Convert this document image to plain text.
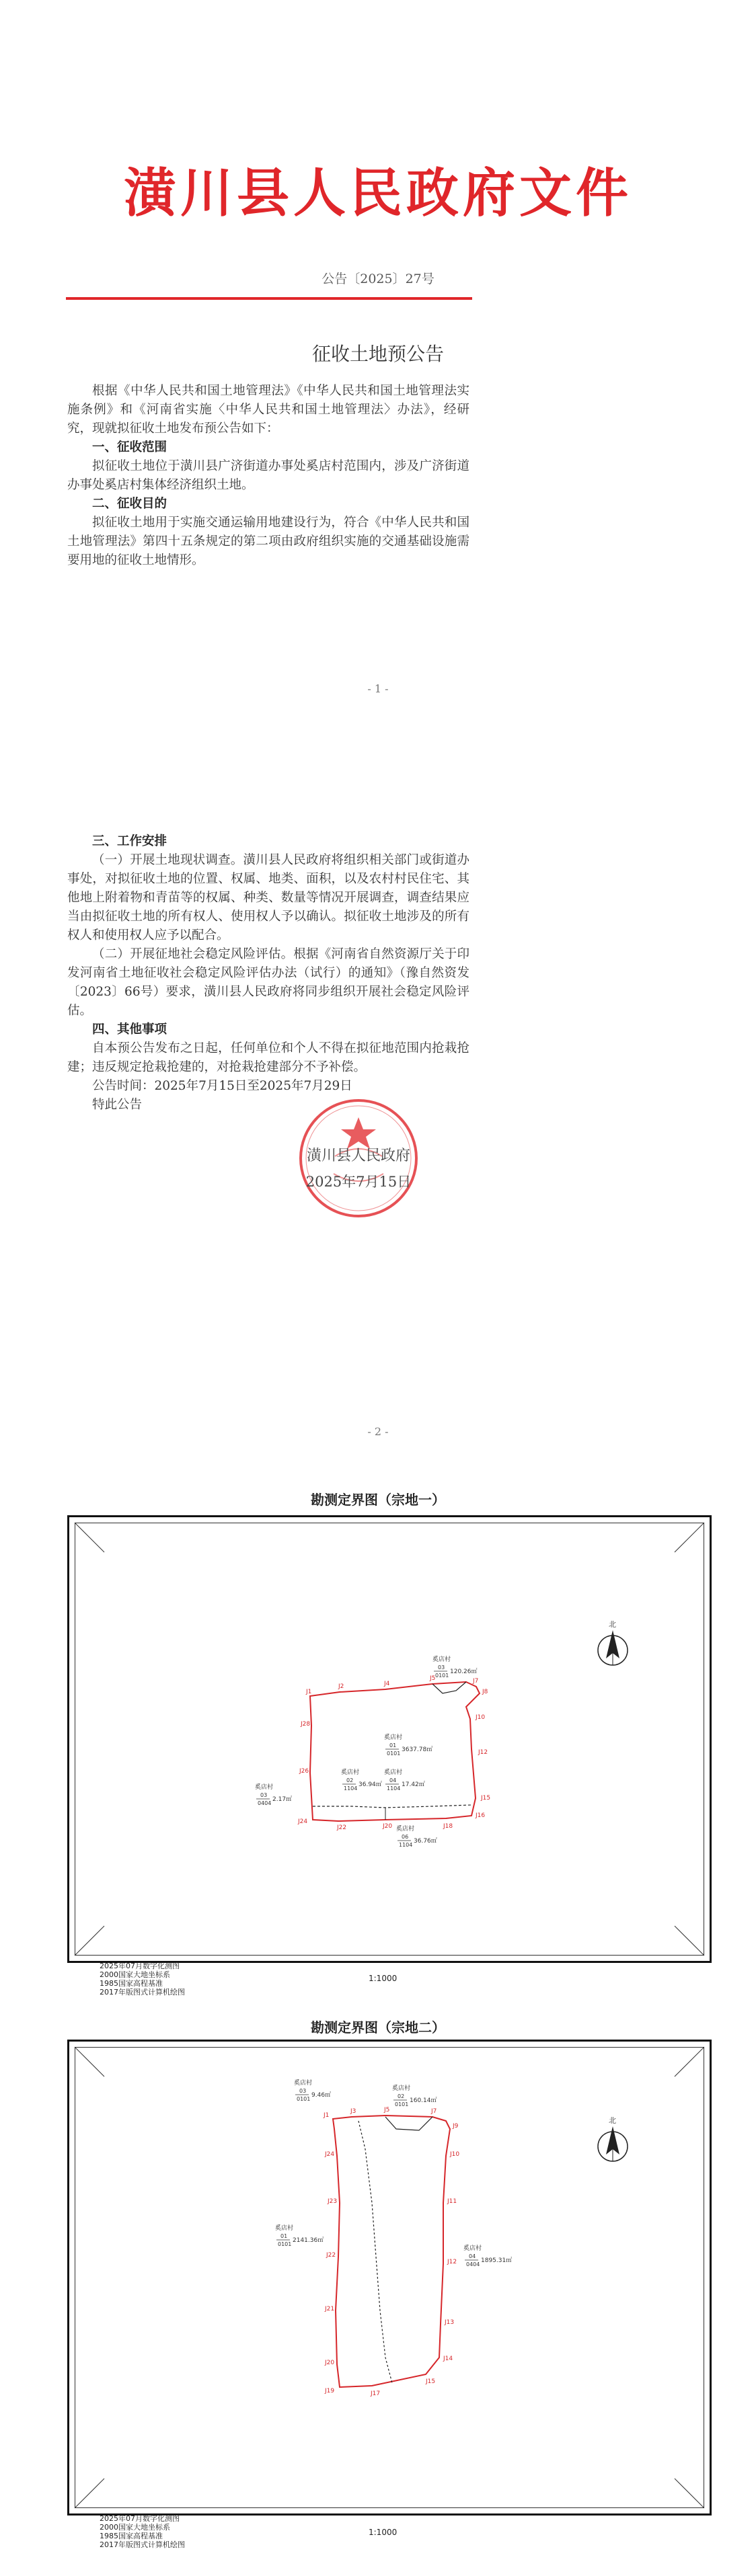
潢川县人民政府文件
公告〔2025〕27号
征收土地预公告

根据《中华人民共和国土地管理法》《中华人民共和国土地管理法实施条例》和《河南省实施〈中华人民共和国土地管理法〉办法》，经研究，现就拟征收土地发布预公告如下：

一、征收范围

拟征收土地位于潢川县广济街道办事处奚店村范围内，涉及广济街道办事处奚店村集体经济组织土地。

二、征收目的

拟征收土地用于实施交通运输用地建设行为，符合《中华人民共和国土地管理法》第四十五条规定的第二项由政府组织实施的交通基础设施需要用地的征收土地情形。

- 1 -

三、工作安排

（一）开展土地现状调查。潢川县人民政府将组织相关部门或街道办事处，对拟征收土地的位置、权属、地类、面积，以及农村村民住宅、其他地上附着物和青苗等的权属、种类、数量等情况开展调查，调查结果应当由拟征收土地的所有权人、使用权人予以确认。拟征收土地涉及的所有权人和使用权人应予以配合。

（二）开展征地社会稳定风险评估。根据《河南省自然资源厅关于印发河南省土地征收社会稳定风险评估办法（试行）的通知》（豫自然资发〔2023〕66号）要求，潢川县人民政府将同步组织开展社会稳定风险评估。

四、其他事项

自本预公告发布之日起，任何单位和个人不得在拟征地范围内抢栽抢建；违反规定抢栽抢建的，对抢栽抢建部分不予补偿。

公告时间：2025年7月15日至2025年7月29日

特此公告

潢川县人民政府
2025年7月15日
- 2 -
勘测定界图（宗地一）
北
J1
J2	J4
J5	J7
J8
J10
J12
J15
J16
J18
J20
J22
J24
J26
J28
奚店村
03
0101
120.26㎡
奚店村
01
0101
3637.78㎡
奚店村
02
1104
36.94㎡
奚店村
04
1104
17.42㎡
奚店村
03
0404
2.17㎡
奚店村
06
1104
36.76㎡
2025年07月数字化测图
2000国家大地坐标系
1985国家高程基准
2017年版图式计算机绘图
1:1000
勘测定界图（宗地二）
北
J1
J3	J5	J7
J9
J10
J11
J12
J13
J14
J15
J17
J19
J20
J21
J22
J23
J24
奚店村
03
0101
9.46㎡
奚店村
02
0101
160.14㎡
奚店村
01
0101
2141.36㎡
奚店村
04
0404
1895.31㎡
2025年07月数字化测图
2000国家大地坐标系
1985国家高程基准
2017年版图式计算机绘图
1:1000
